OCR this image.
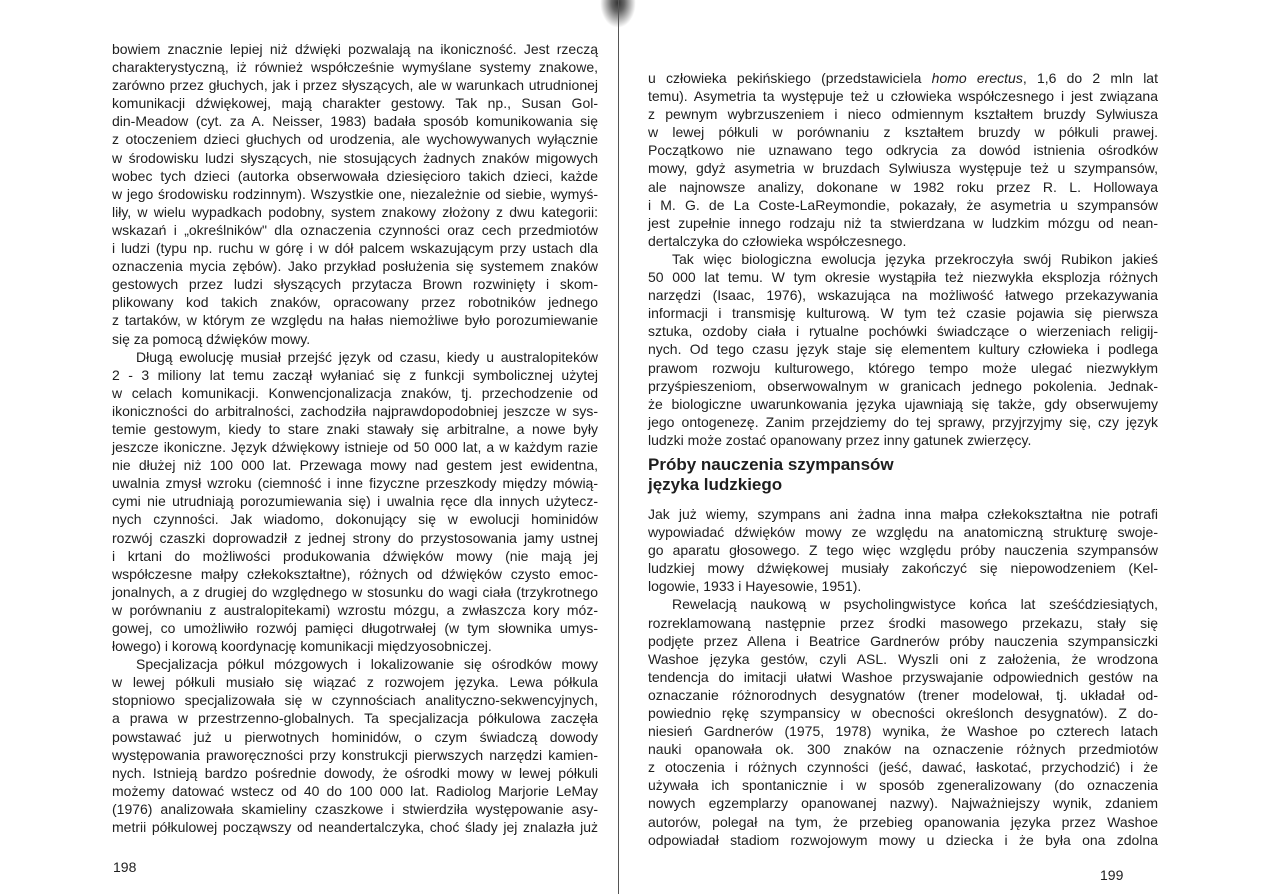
bowiem znacznie lepiej niż dźwięki pozwalają na ikoniczność. Jest rzeczą
charakterystyczną, iż również współcześnie wymyślane systemy znakowe,
zarówno przez głuchych, jak i przez słyszących, ale w warunkach utrudnionej
komunikacji dźwiękowej, mają charakter gestowy. Tak np., Susan Gol-
din-Meadow (cyt. za A. Neisser, 1983) badała sposób komunikowania się
z otoczeniem dzieci głuchych od urodzenia, ale wychowywanych wyłącznie
w środowisku ludzi słyszących, nie stosujących żadnych znaków migowych
wobec tych dzieci (autorka obserwowała dziesięcioro takich dzieci, każde
w jego środowisku rodzinnym). Wszystkie one, niezależnie od siebie, wymyś-
liły, w wielu wypadkach podobny, system znakowy złożony z dwu kategorii:
wskazań i „określników" dla oznaczenia czynności oraz cech przedmiotów
i ludzi (typu np. ruchu w górę i w dół palcem wskazującym przy ustach dla
oznaczenia mycia zębów). Jako przykład posłużenia się systemem znaków
gestowych przez ludzi słyszących przytacza Brown rozwinięty i skom-
plikowany kod takich znaków, opracowany przez robotników jednego
z tartaków, w którym ze względu na hałas niemożliwe było porozumiewanie
się za pomocą dźwięków mowy.
Długą ewolucję musiał przejść język od czasu, kiedy u australopiteków
2 - 3 miliony lat temu zaczął wyłaniać się z funkcji symbolicznej użytej
w celach komunikacji. Konwencjonalizacja znaków, tj. przechodzenie od
ikoniczności do arbitralności, zachodziła najprawdopodobniej jeszcze w sys-
temie gestowym, kiedy to stare znaki stawały się arbitralne, a nowe były
jeszcze ikoniczne. Język dźwiękowy istnieje od 50 000 lat, a w każdym razie
nie dłużej niż 100 000 lat. Przewaga mowy nad gestem jest ewidentna,
uwalnia zmysł wzroku (ciemność i inne fizyczne przeszkody między mówią-
cymi nie utrudniają porozumiewania się) i uwalnia ręce dla innych użytecz-
nych czynności. Jak wiadomo, dokonujący się w ewolucji hominidów
rozwój czaszki doprowadził z jednej strony do przystosowania jamy ustnej
i krtani do możliwości produkowania dźwięków mowy (nie mają jej
współczesne małpy człekokształtne), różnych od dźwięków czysto emoc-
jonalnych, a z drugiej do względnego w stosunku do wagi ciała (trzykrotnego
w porównaniu z australopitekami) wzrostu mózgu, a zwłaszcza kory móz-
gowej, co umożliwiło rozwój pamięci długotrwałej (w tym słownika umys-
łowego) i korową koordynację komunikacji międzyosobniczej.
Specjalizacja półkul mózgowych i lokalizowanie się ośrodków mowy
w lewej półkuli musiało się wiązać z rozwojem języka. Lewa półkula
stopniowo specjalizowała się w czynnościach analityczno-sekwencyjnych,
a prawa w przestrzenno-globalnych. Ta specjalizacja półkulowa zaczęła
powstawać już u pierwotnych hominidów, o czym świadczą dowody
występowania praworęczności przy konstrukcji pierwszych narzędzi kamien-
nych. Istnieją bardzo pośrednie dowody, że ośrodki mowy w lewej półkuli
możemy datować wstecz od 40 do 100 000 lat. Radiolog Marjorie LeMay
(1976) analizowała skamieliny czaszkowe i stwierdziła występowanie asy-
metrii półkulowej począwszy od neandertalczyka, choć ślady jej znalazła już
198
u człowieka pekińskiego (przedstawiciela homo erectus, 1,6 do 2 mln lat
temu). Asymetria ta występuje też u człowieka współczesnego i jest związana
z pewnym wybrzuszeniem i nieco odmiennym kształtem bruzdy Sylwiusza
w lewej półkuli w porównaniu z kształtem bruzdy w półkuli prawej.
Początkowo nie uznawano tego odkrycia za dowód istnienia ośrodków
mowy, gdyż asymetria w bruzdach Sylwiusza występuje też u szympansów,
ale najnowsze analizy, dokonane w 1982 roku przez R. L. Hollowaya
i M. G. de La Coste-LaReymondie, pokazały, że asymetria u szympansów
jest zupełnie innego rodzaju niż ta stwierdzana w ludzkim mózgu od nean-
dertalczyka do człowieka współczesnego.
Tak więc biologiczna ewolucja języka przekroczyła swój Rubikon jakieś
50 000 lat temu. W tym okresie wystąpiła też niezwykła eksplozja różnych
narzędzi (Isaac, 1976), wskazująca na możliwość łatwego przekazywania
informacji i transmisję kulturową. W tym też czasie pojawia się pierwsza
sztuka, ozdoby ciała i rytualne pochówki świadczące o wierzeniach religij-
nych. Od tego czasu język staje się elementem kultury człowieka i podlega
prawom rozwoju kulturowego, którego tempo może ulegać niezwykłym
przyśpieszeniom, obserwowalnym w granicach jednego pokolenia. Jednak-
że biologiczne uwarunkowania języka ujawniają się także, gdy obserwujemy
jego ontogenezę. Zanim przejdziemy do tej sprawy, przyjrzyjmy się, czy język
ludzki może zostać opanowany przez inny gatunek zwierzęcy.
Próby nauczenia szympansów
języka ludzkiego
Jak już wiemy, szympans ani żadna inna małpa człekokształtna nie potrafi
wypowiadać dźwięków mowy ze względu na anatomiczną strukturę swoje-
go aparatu głosowego. Z tego więc względu próby nauczenia szympansów
ludzkiej mowy dźwiękowej musiały zakończyć się niepowodzeniem (Kel-
logowie, 1933 i Hayesowie, 1951).
Rewelacją naukową w psycholingwistyce końca lat sześćdziesiątych,
rozreklamowaną następnie przez środki masowego przekazu, stały się
podjęte przez Allena i Beatrice Gardnerów próby nauczenia szympansiczki
Washoe języka gestów, czyli ASL. Wyszli oni z założenia, że wrodzona
tendencja do imitacji ułatwi Washoe przyswajanie odpowiednich gestów na
oznaczanie różnorodnych desygnatów (trener modelował, tj. układał od-
powiednio rękę szympansicy w obecności określonch desygnatów). Z do-
niesień Gardnerów (1975, 1978) wynika, że Washoe po czterech latach
nauki opanowała ok. 300 znaków na oznaczenie różnych przedmiotów
z otoczenia i różnych czynności (jeść, dawać, łaskotać, przychodzić) i że
używała ich spontanicznie i w sposób zgeneralizowany (do oznaczenia
nowych egzemplarzy opanowanej nazwy). Najważniejszy wynik, zdaniem
autorów, polegał na tym, że przebieg opanowania języka przez Washoe
odpowiadał stadiom rozwojowym mowy u dziecka i że była ona zdolna
199
